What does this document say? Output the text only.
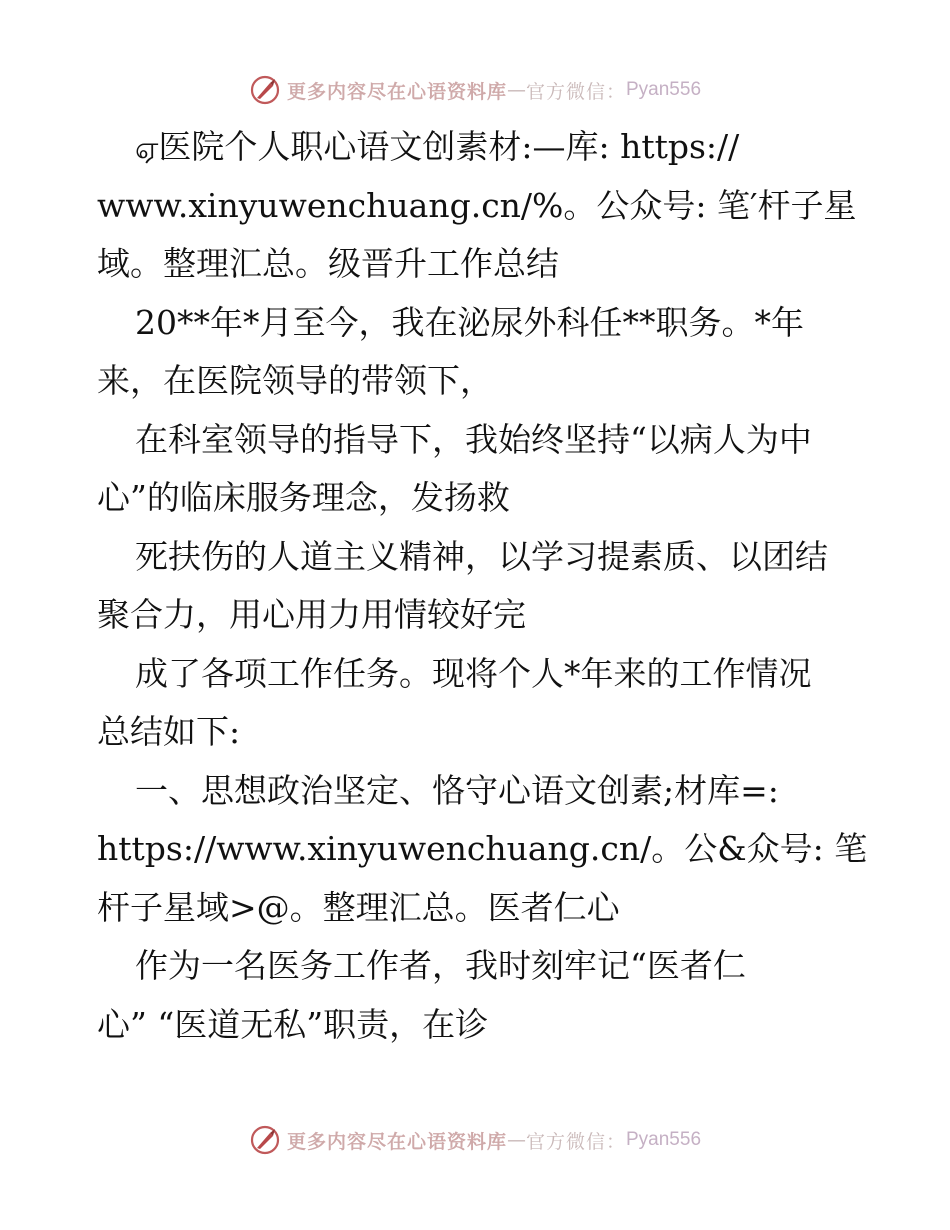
更多内容尽在心语资料库 — 官方微信： Pyan556
ஏ医院个人职心语文创素材:—库: https://
www.xinyuwenchuang.cn/%。公众号: 笔′杆子星
域。整理汇总。级晋升工作总结
20**年*月至今，我在泌尿外科任**职务。*年
来，在医院领导的带领下，
在科室领导的指导下，我始终坚持“以病人为中
心”的临床服务理念，发扬救
死扶伤的人道主义精神，以学习提素质、以团结
聚合力，用心用力用情较好完
成了各项工作任务。现将个人*年来的工作情况
总结如下:
一、思想政治坚定、恪守心语文创素;材库=:
https://www.xinyuwenchuang.cn/。公&众号: 笔
杆子星域>@。整理汇总。医者仁心
作为一名医务工作者，我时刻牢记“医者仁
心” “医道无私”职责，在诊
更多内容尽在心语资料库 — 官方微信： Pyan556
